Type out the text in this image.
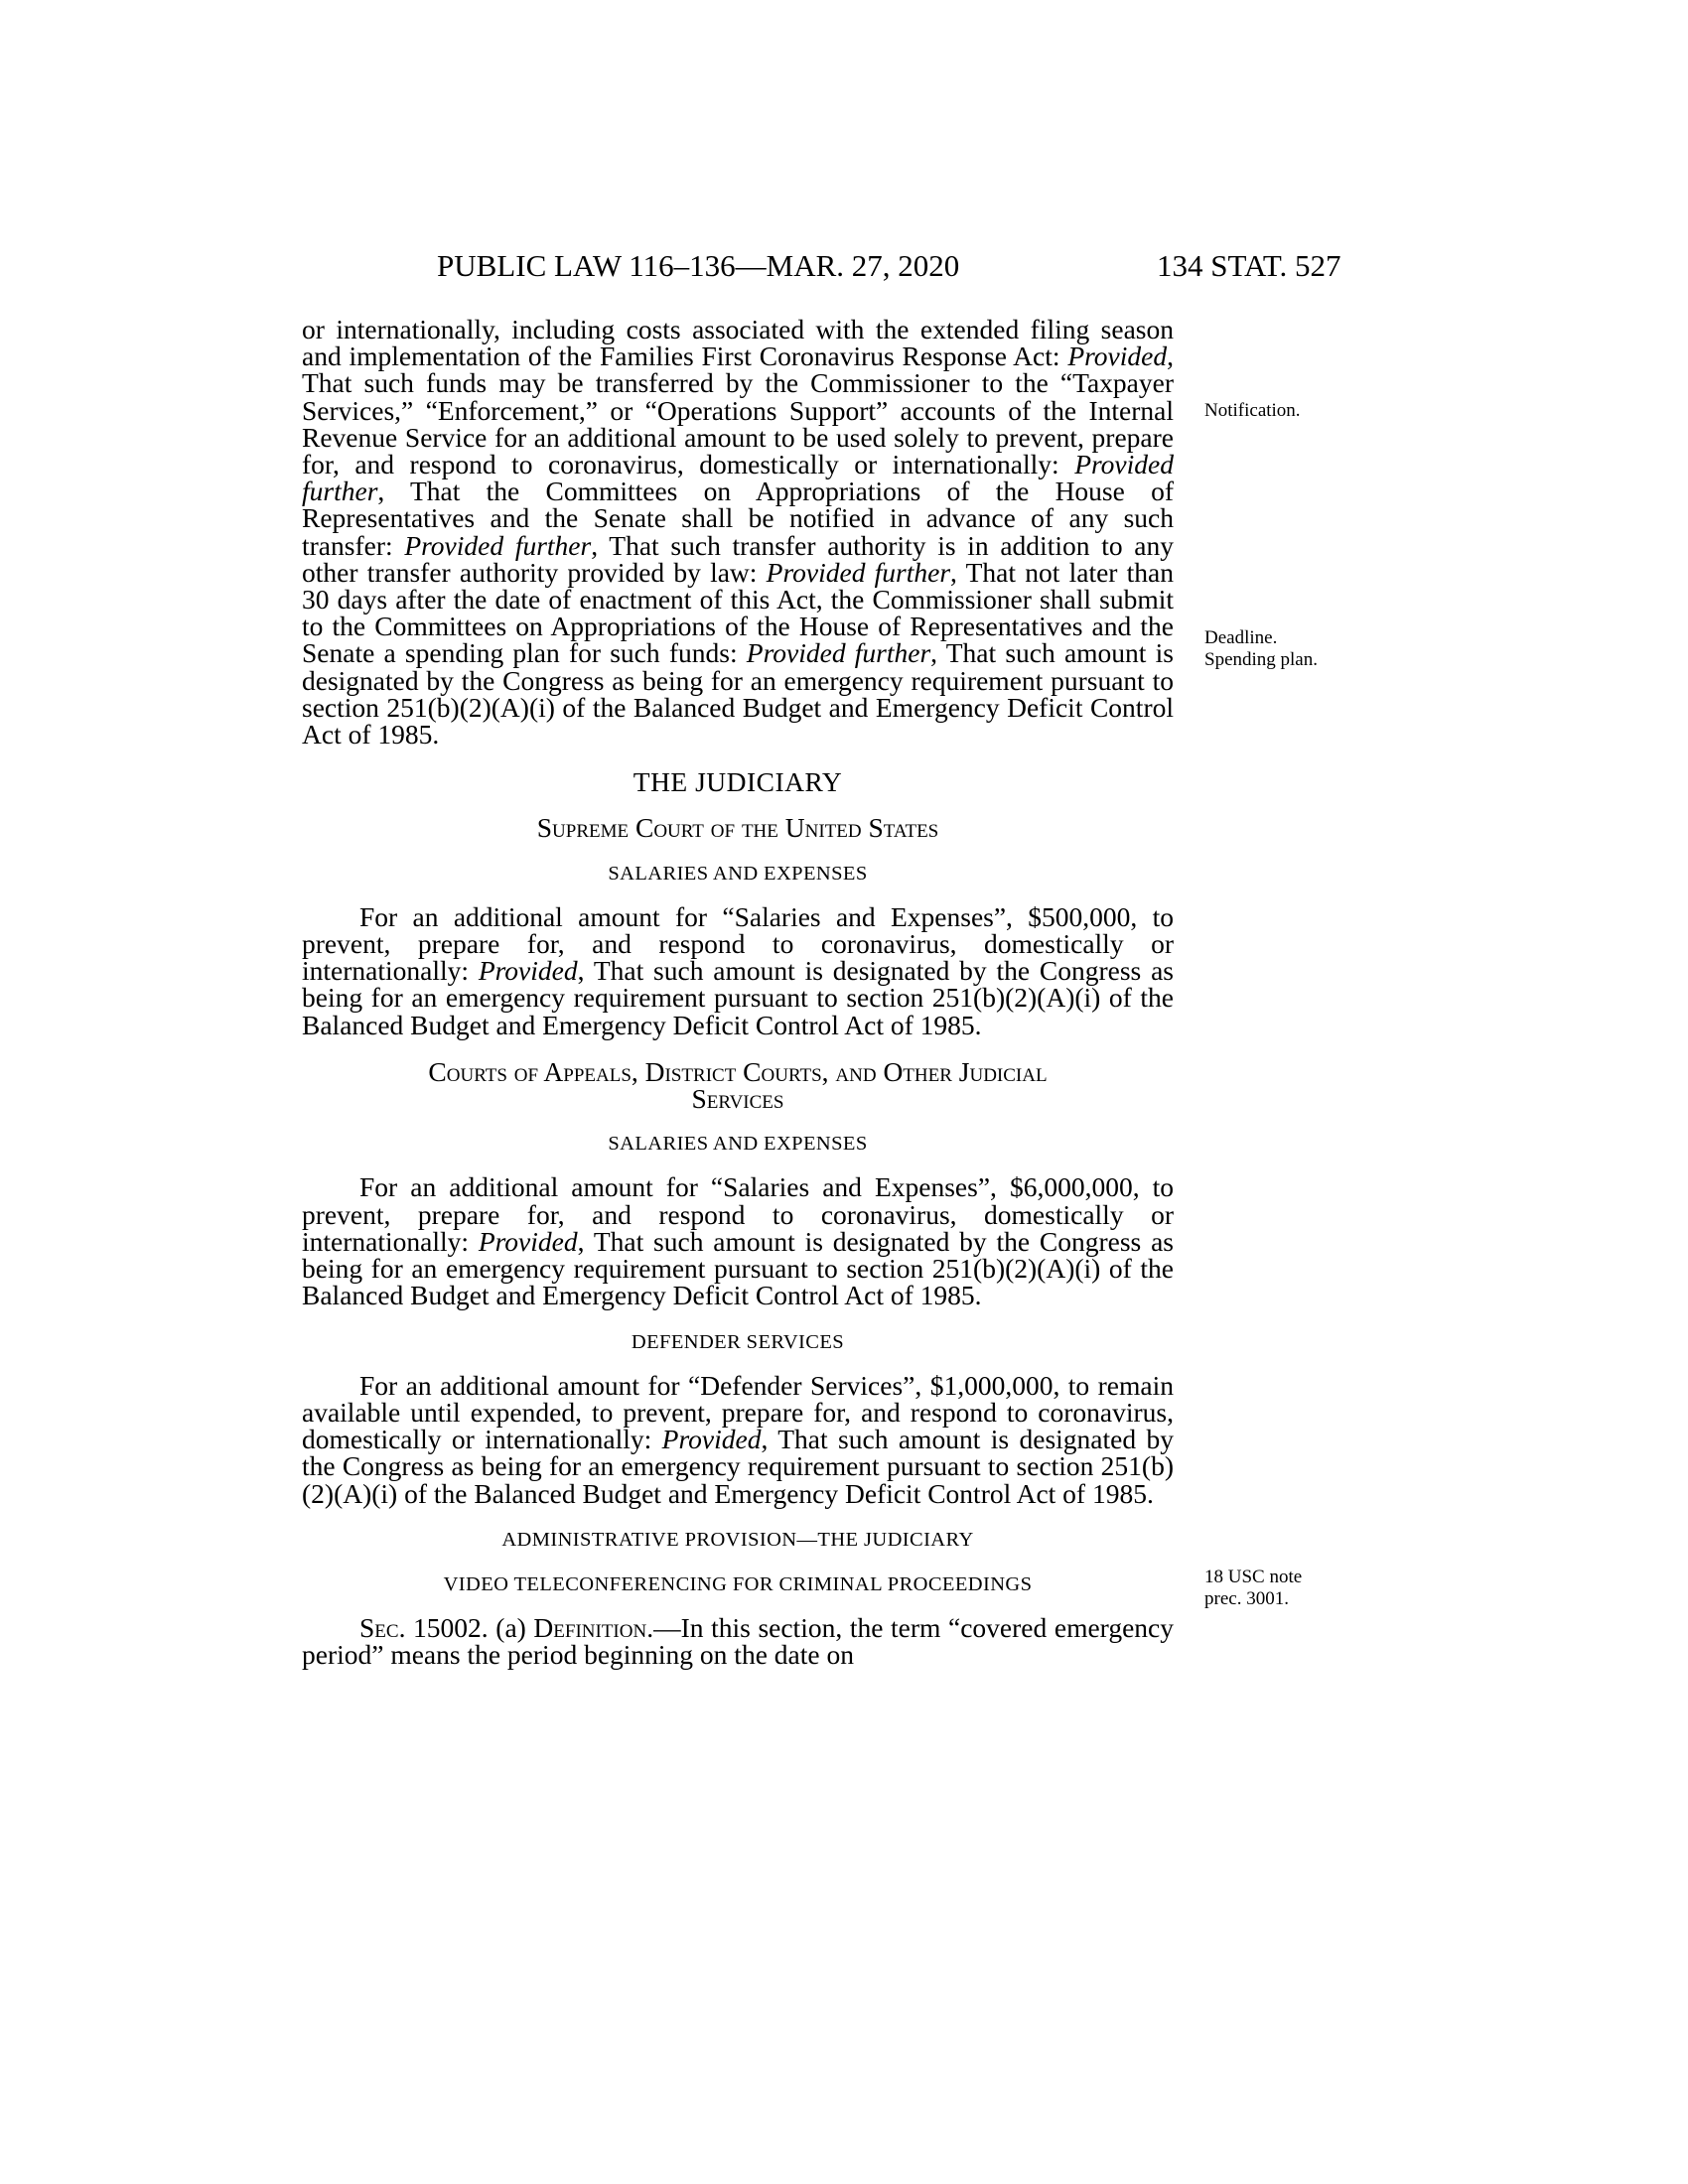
PUBLIC LAW 116–136—MAR. 27, 2020	134 STAT. 527

or internationally, including costs associated with the extended filing season and implementation of the Families First Coronavirus Response Act: Provided, That such funds may be transferred by the Commissioner to the “Taxpayer Services,” “Enforcement,” or “Operations Support” accounts of the Internal Revenue Service for an additional amount to be used solely to prevent, prepare for, and respond to coronavirus, domestically or internationally: Provided further, That the Committees on Appropriations of the House of Representatives and the Senate shall be notified in advance of any such transfer: Provided further, That such transfer authority is in addition to any other transfer authority provided by law: Provided further, That not later than 30 days after the date of enactment of this Act, the Commissioner shall submit to the Committees on Appropriations of the House of Representatives and the Senate a spending plan for such funds: Provided further, That such amount is designated by the Congress as being for an emergency requirement pursuant to section 251(b)(2)(A)(i) of the Balanced Budget and Emergency Deficit Control Act of 1985.

THE JUDICIARY

Supreme Court of the United States

SALARIES AND EXPENSES

For an additional amount for “Salaries and Expenses”, $500,000, to prevent, prepare for, and respond to coronavirus, domestically or internationally: Provided, That such amount is designated by the Congress as being for an emergency requirement pursuant to section 251(b)(2)(A)(i) of the Balanced Budget and Emergency Deficit Control Act of 1985.

Courts of Appeals, District Courts, and Other Judicial
Services

SALARIES AND EXPENSES

For an additional amount for “Salaries and Expenses”, $6,000,000, to prevent, prepare for, and respond to coronavirus, domestically or internationally: Provided, That such amount is designated by the Congress as being for an emergency requirement pursuant to section 251(b)(2)(A)(i) of the Balanced Budget and Emergency Deficit Control Act of 1985.

DEFENDER SERVICES

For an additional amount for “Defender Services”, $1,000,000, to remain available until expended, to prevent, prepare for, and respond to coronavirus, domestically or internationally: Provided, That such amount is designated by the Congress as being for an emergency requirement pursuant to section 251(b)(2)(A)(i) of the Balanced Budget and Emergency Deficit Control Act of 1985.

ADMINISTRATIVE PROVISION—THE JUDICIARY

VIDEO TELECONFERENCING FOR CRIMINAL PROCEEDINGS

Sec. 15002. (a) Definition.—In this section, the term “covered emergency period” means the period beginning on the date on

Notification.
Deadline.
Spending plan.
18 USC note
prec. 3001.
